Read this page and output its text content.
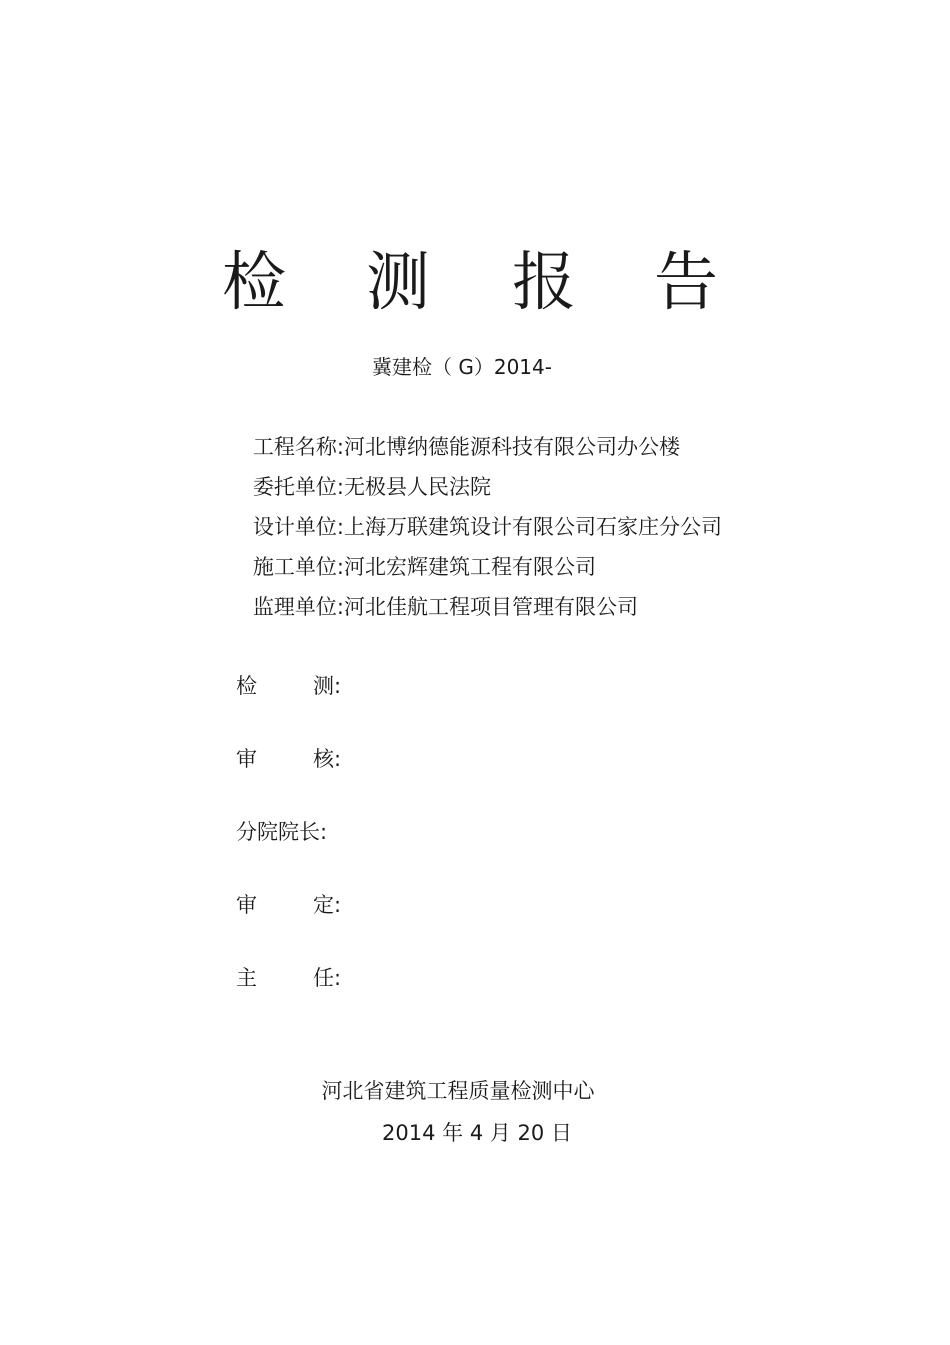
检 测 报 告
冀建检（ G）2014-
工程名称:河北博纳德能源科技有限公司办公楼
委托单位:无极县人民法院
设计单位:上海万联建筑设计有限公司石家庄分公司
施工单位:河北宏辉建筑工程有限公司
监理单位:河北佳航工程项目管理有限公司
检	测:
审	核:
分院院长:
审	定:
主	任:
河北省建筑工程质量检测中心
2014 年 4 月 20 日
